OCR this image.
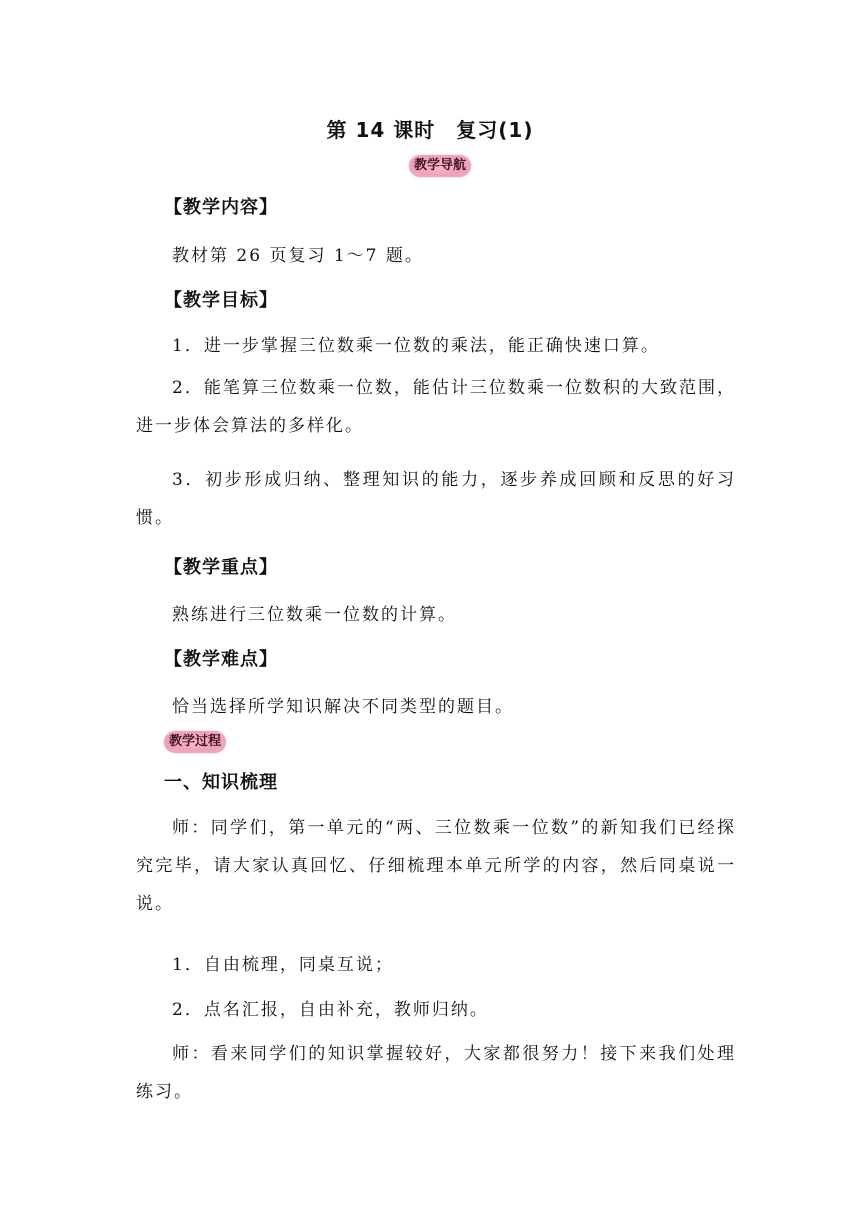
第 14 课时　复习(1)
教学导航
【教学内容】
教材第 26 页复习 1～7 题。
【教学目标】
1．进一步掌握三位数乘一位数的乘法，能正确快速口算。

2．能笔算三位数乘一位数，能估计三位数乘一位数积的大致范围，进一步体会算法的多样化。

3．初步形成归纳、整理知识的能力，逐步养成回顾和反思的好习惯。

【教学重点】
熟练进行三位数乘一位数的计算。
【教学难点】
恰当选择所学知识解决不同类型的题目。
教学过程
一、知识梳理

师：同学们，第一单元的“两、三位数乘一位数”的新知我们已经探究完毕，请大家认真回忆、仔细梳理本单元所学的内容，然后同桌说一说。

1．自由梳理，同桌互说；
2．点名汇报，自由补充，教师归纳。

师：看来同学们的知识掌握较好，大家都很努力！接下来我们处理练习。
